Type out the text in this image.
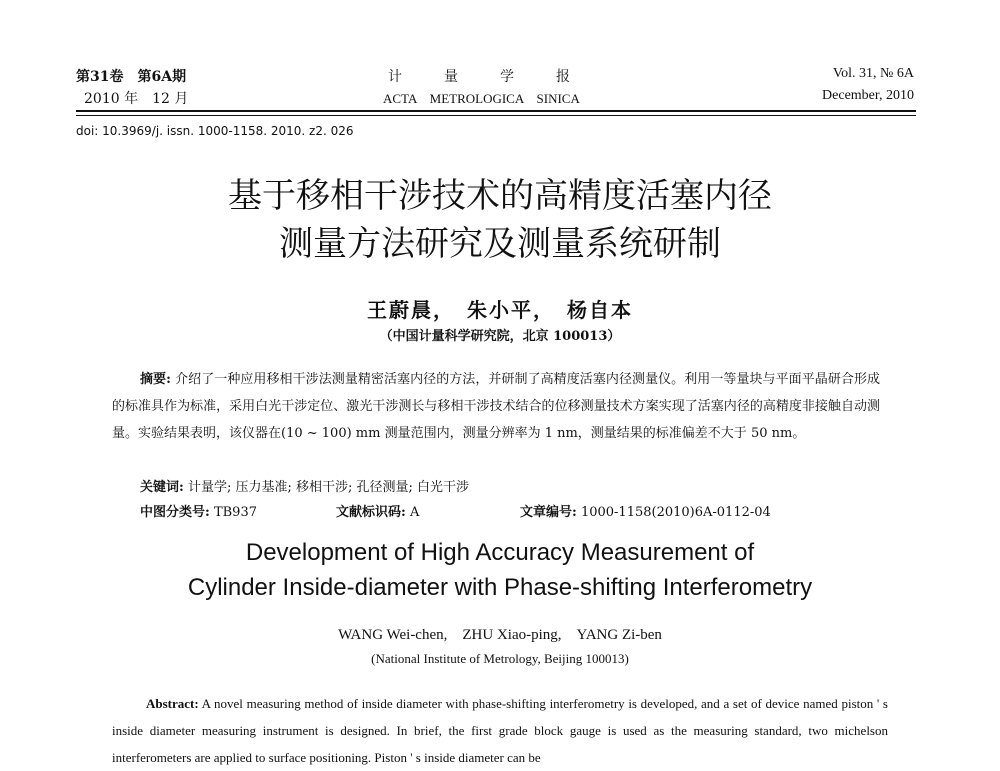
第31卷　第6A期
2010 年　12 月
计　　　量　　　学　　　报
ACTA　METROLOGICA　SINICA
Vol. 31, № 6A
December, 2010
doi: 10.3969/j. issn. 1000-1158. 2010. z2. 026
基于移相干涉技术的高精度活塞内径
测量方法研究及测量系统研制
王蔚晨，　朱小平，　杨自本
（中国计量科学研究院，北京 100013）
摘要: 介绍了一种应用移相干涉法测量精密活塞内径的方法，并研制了高精度活塞内径测量仪。利用一等量块与平面平晶研合形成的标准具作为标准，采用白光干涉定位、激光干涉测长与移相干涉技术结合的位移测量技术方案实现了活塞内径的高精度非接触自动测量。实验结果表明，该仪器在(10 ~ 100) mm 测量范围内，测量分辨率为 1 nm，测量结果的标准偏差不大于 50 nm。
关键词: 计量学; 压力基准; 移相干涉; 孔径测量; 白光干涉
中图分类号: TB937	文献标识码: A	文章编号: 1000-1158(2010)6A-0112-04
Development of High Accuracy Measurement of
Cylinder Inside-diameter with Phase-shifting Interferometry
WANG Wei-chen,　ZHU Xiao-ping,　YANG Zi-ben
(National Institute of Metrology, Beijing 100013)
Abstract: A novel measuring method of inside diameter with phase-shifting interferometry is developed, and a set of device named piston ' s inside diameter measuring instrument is designed. In brief, the first grade block gauge is used as the measuring standard, two michelson interferometers are applied to surface positioning. Piston ' s inside diameter can be
